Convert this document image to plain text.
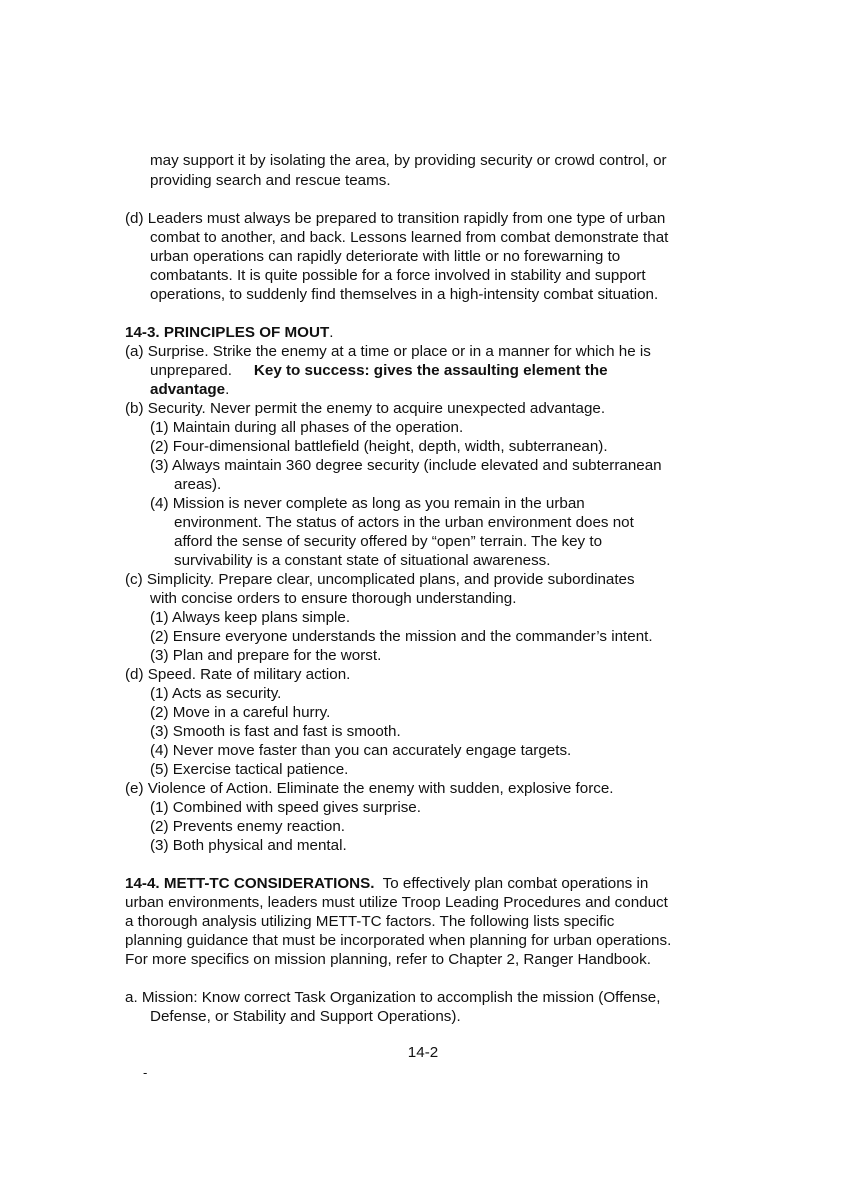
may support it by isolating the area, by providing security or crowd control, or
providing search and rescue teams.
(d) Leaders must always be prepared to transition rapidly from one type of urban
combat to another, and back. Lessons learned from combat demonstrate that
urban operations can rapidly deteriorate with little or no forewarning to
combatants. It is quite possible for a force involved in stability and support
operations, to suddenly find themselves in a high-intensity combat situation.
14-3. PRINCIPLES OF MOUT.
(a) Surprise. Strike the enemy at a time or place or in a manner for which he is
unprepared. Key to success: gives the assaulting element the
advantage.
(b) Security. Never permit the enemy to acquire unexpected advantage.
(1) Maintain during all phases of the operation.
(2) Four-dimensional battlefield (height, depth, width, subterranean).
(3) Always maintain 360 degree security (include elevated and subterranean
areas).
(4) Mission is never complete as long as you remain in the urban
environment. The status of actors in the urban environment does not
afford the sense of security offered by “open” terrain. The key to
survivability is a constant state of situational awareness.
(c) Simplicity. Prepare clear, uncomplicated plans, and provide subordinates
with concise orders to ensure thorough understanding.
(1) Always keep plans simple.
(2) Ensure everyone understands the mission and the commander’s intent.
(3) Plan and prepare for the worst.
(d) Speed. Rate of military action.
(1) Acts as security.
(2) Move in a careful hurry.
(3) Smooth is fast and fast is smooth.
(4) Never move faster than you can accurately engage targets.
(5) Exercise tactical patience.
(e) Violence of Action. Eliminate the enemy with sudden, explosive force.
(1) Combined with speed gives surprise.
(2) Prevents enemy reaction.
(3) Both physical and mental.
14-4. METT-TC CONSIDERATIONS.  To effectively plan combat operations in
urban environments, leaders must utilize Troop Leading Procedures and conduct
a thorough analysis utilizing METT-TC factors. The following lists specific
planning guidance that must be incorporated when planning for urban operations.
For more specifics on mission planning, refer to Chapter 2, Ranger Handbook.
a. Mission: Know correct Task Organization to accomplish the mission (Offense,
Defense, or Stability and Support Operations).
14-2
-
